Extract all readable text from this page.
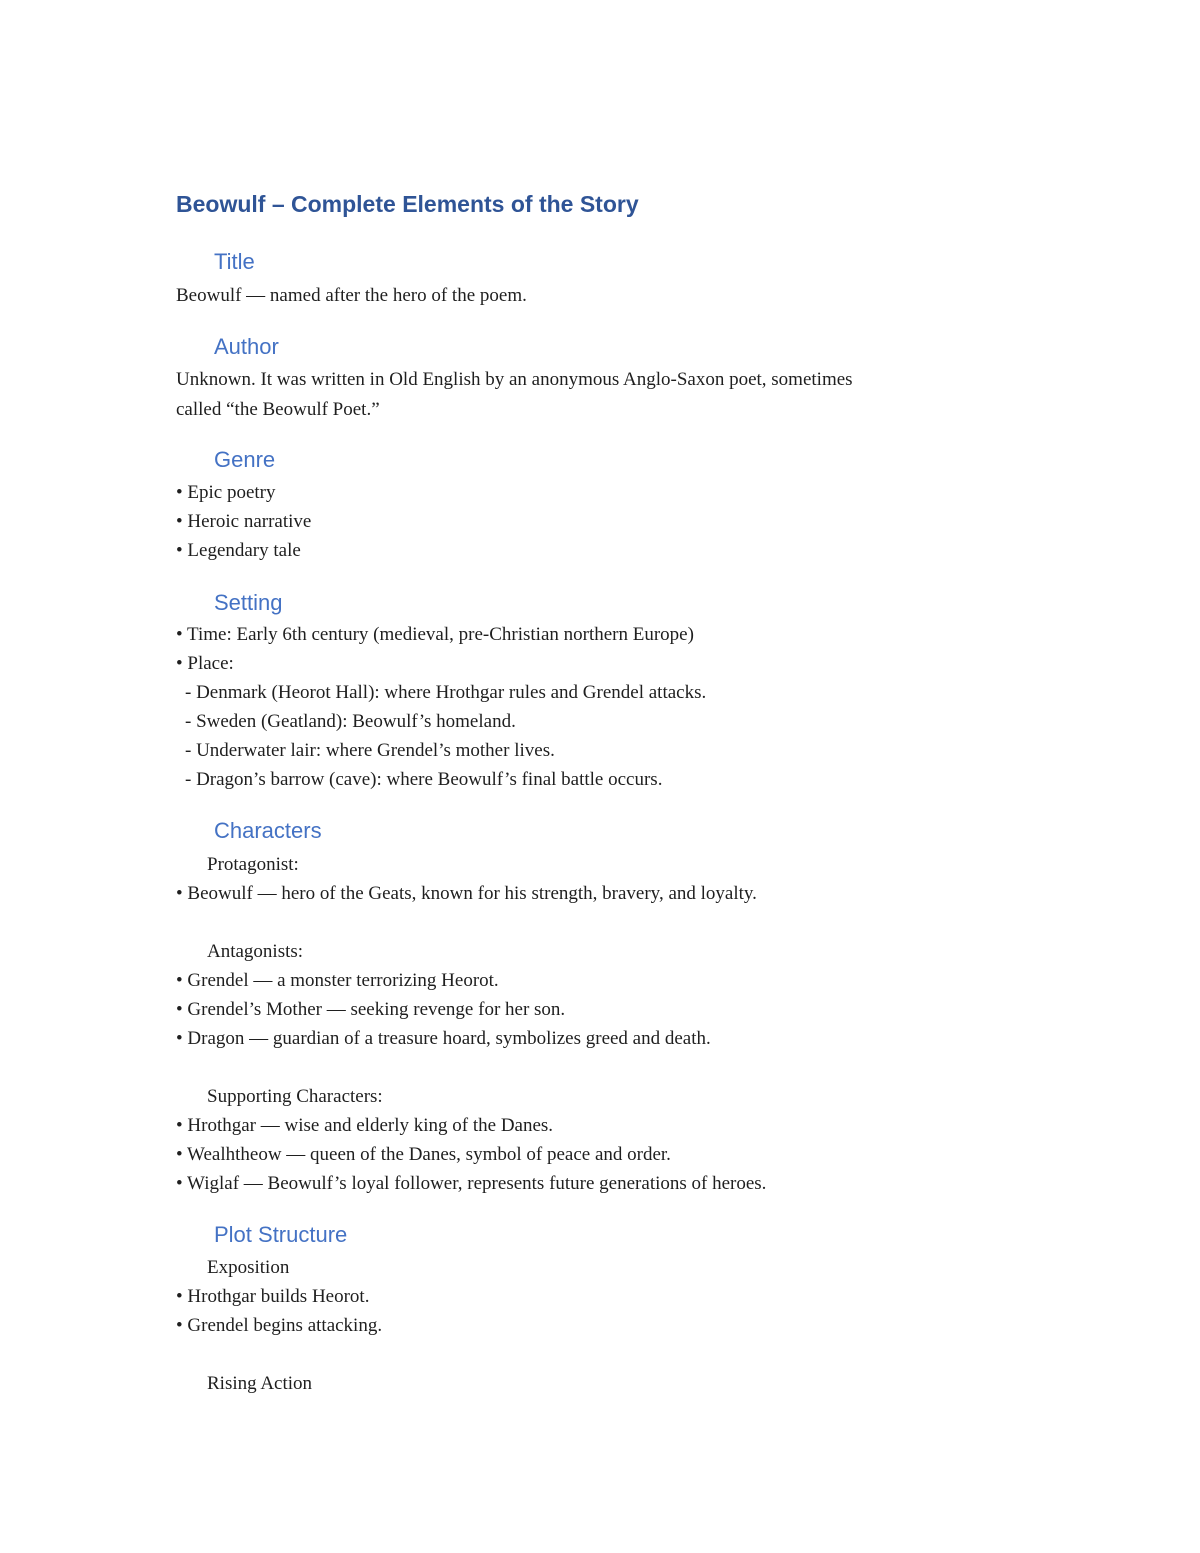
Beowulf – Complete Elements of the Story
Title
Beowulf — named after the hero of the poem.
Author
Unknown. It was written in Old English by an anonymous Anglo-Saxon poet, sometimes
called “the Beowulf Poet.”
Genre
• Epic poetry
• Heroic narrative
• Legendary tale
Setting
• Time: Early 6th century (medieval, pre-Christian northern Europe)
• Place:
- Denmark (Heorot Hall): where Hrothgar rules and Grendel attacks.
- Sweden (Geatland): Beowulf’s homeland.
- Underwater lair: where Grendel’s mother lives.
- Dragon’s barrow (cave): where Beowulf’s final battle occurs.
Characters
Protagonist:
• Beowulf — hero of the Geats, known for his strength, bravery, and loyalty.
Antagonists:
• Grendel — a monster terrorizing Heorot.
• Grendel’s Mother — seeking revenge for her son.
• Dragon — guardian of a treasure hoard, symbolizes greed and death.
Supporting Characters:
• Hrothgar — wise and elderly king of the Danes.
• Wealhtheow — queen of the Danes, symbol of peace and order.
• Wiglaf — Beowulf’s loyal follower, represents future generations of heroes.
Plot Structure
Exposition
• Hrothgar builds Heorot.
• Grendel begins attacking.
Rising Action
